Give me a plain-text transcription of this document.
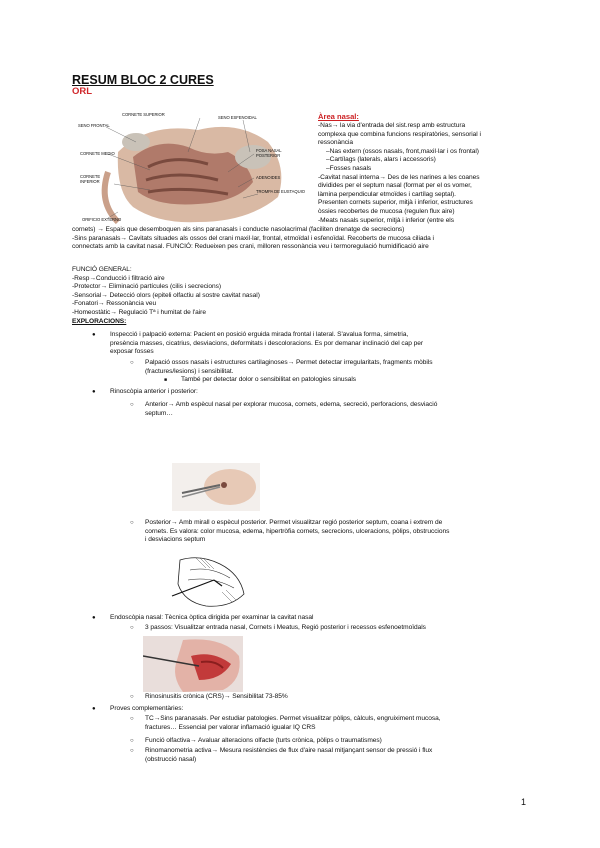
RESUM BLOC 2 CURES
ORL
CORNETE SUPERIOR
SENO ESFENOIDAL
SENO FRONTAL
CORNETE MEDIO
FOSA NASAL POSTERIOR
CORNETE INFERIOR
ADENOIDES
TROMPA DE EUSTAQUIO
ORIFICIO EXTERNO
Àrea nasal:
-Nas→ la via d'entrada del sist.resp amb estructura
complexa que combina funcions respiratòries, sensorial i
ressonància
–Nas extern (ossos nasals, front,maxil·lar i os frontal)
–Cartílags (laterals, alars i accessoris)
–Fosses nasals
-Cavitat nasal interna→ Des de les narines a les coanes
dividides per el septum nasal (format per el os vomer,
làmina perpendicular etmoïdes i cartílag septal).
Presenten cornets superior, mitjà i inferior, estructures
òssies recobertes de mucosa (regulen flux aire)
-Meats nasals superior, mitjà i inferior (entre els
cornets) → Espais que desemboquen als sins paranasals i conducte nasolacrimal (faciliten drenatge de secrecions)
-Sins paranasals→ Cavitats situades als ossos del crani maxil·lar, frontal, etmoïdal i esfenoïdal. Recoberts de mucosa ciliada i
connectats amb la cavitat nasal. FUNCIÓ: Redueixen pes crani, milloren ressonància veu i termoregulació humidificació aire
FUNCIÓ GENERAL:
-Resp→Conducció i filtració aire
-Protector→ Eliminació partícules (cilis i secrecions)
-Sensorial→ Detecció olors (epiteli olfactiu al sostre cavitat nasal)
-Fonatori→ Ressonància veu
-Homeostàtic→ Regulació Tª i humitat de l'aire
EXPLORACIONS:
● Inspecció i palpació externa: Pacient en posició erguida mirada frontal i lateral. S'avalua forma, simetria,
presència masses, cicatrius, desviacions, deformitats i descoloracions. Es por demanar inclinació del cap per
exposar fosses
○ Palpació ossos nasals i estructures cartilaginoses→ Permet detectar irregularitats, fragments mòbils
(fractures/lesions) i sensibilitat.
■ També per detectar dolor o sensibilitat en patologies sinusals
● Rinoscòpia anterior i posterior:
○ Anterior→ Amb espècul nasal per explorar mucosa, cornets, edema, secreció, perforacions, desviació
septum…
○ Posterior→ Amb mirall o espècul posterior. Permet visualitzar regió posterior septum, coana i extrem de
cornets. Es valora: color mucosa, edema, hipertròfia cornets, secrecions, ulceracions, pòlips, obstruccions
i desviacions septum
● Endoscòpia nasal: Tècnica òptica dirigida per examinar la cavitat nasal
○ 3 passos: Visualitzar entrada nasal, Cornets i Meatus, Regió posterior i recessos esfenoetmoïdals
○ Rinosinusitis crònica (CRS)→ Sensibilitat 73-85%
● Proves complementàries:
○ TC→Sins paranasals. Per estudiar patologies. Permet visualitzar pòlips, càlculs, engruiximent mucosa,
fractures… Essencial per valorar inflamació igualar IQ CRS
○ Funció olfactiva→ Avaluar alteracions olfacte (turts crònica, pòlips o traumatismes)
○ Rinomanometria activa→ Mesura resistències de flux d'aire nasal mitjançant sensor de pressió i flux
(obstrucció nasal)
1
